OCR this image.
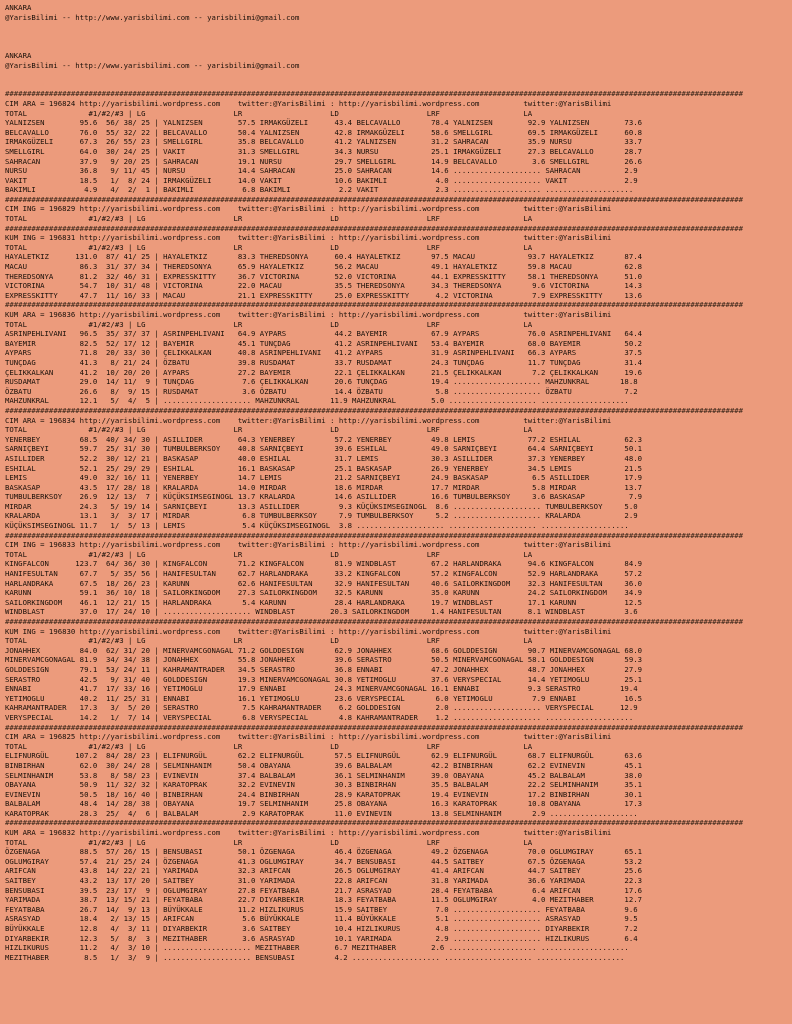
ANKARA
@YarisBilimi -- http://www.yarisbilimi.com -- yarisbilimi@gmail.com
ANKARA
@YarisBilimi -- http://www.yarisbilimi.com -- yarisbilimi@gmail.com
########################################################################################################################################################################
CIM ARA = 196824 http://yarisbilimi.wordpress.com    twitter:@YarisBilimi : http://yarisbilimi.wordpress.com          twitter:@YarisBilimi
TOTAL              #1/#2/#3 | LG                    LR                    LD                    LRF                   LA
YALNIZSEN        95.6  56/ 38/ 25 | YALNIZSEN        57.5 IRMAKGÜZELI      43.4 BELCAVALLO       78.4 YALNIZSEN        92.9 YALNIZSEN        73.6
BELCAVALLO       76.0  55/ 32/ 22 | BELCAVALLO       50.4 YALNIZSEN        42.8 IRMAKGÜZELI      58.6 SMELLGIRL        69.5 IRMAKGÜZELI      60.8
IRMAKGÜZELI      67.3  26/ 55/ 23 | SMELLGIRL        35.8 BELCAVALLO       41.2 YALNIZSEN        31.2 SAHRACAN         35.9 NURSU            33.7
SMELLGIRL        64.0  30/ 24/ 25 | VAKIT            31.3 SMELLGIRL        34.3 NURSU            25.1 IRMAKGÜZELI      27.3 BELCAVALLO       28.7
SAHRACAN         37.9   9/ 20/ 25 | SAHRACAN         19.1 NURSU            29.7 SMELLGIRL        14.9 BELCAVALLO        3.6 SMELLGIRL        26.6
NURSU            36.8   9/ 11/ 45 | NURSU            14.4 SAHRACAN         25.0 SAHRACAN         14.6 .................... SAHRACAN          2.9
VAKIT            18.5   1/  8/ 24 | IRMAKGÜZELI      14.0 VAKIT            10.6 BAKIMLI           4.0 .................... VAKIT             2.9
BAKIMLI           4.9   4/  2/  1 | BAKIMLI           6.8 BAKIMLI           2.2 VAKIT             2.3 .................... ....................
########################################################################################################################################################################
CIM ING = 196829 http://yarisbilimi.wordpress.com    twitter:@YarisBilimi : http://yarisbilimi.wordpress.com          twitter:@YarisBilimi
TOTAL              #1/#2/#3 | LG                    LR                    LD                    LRF                   LA
########################################################################################################################################################################
KUM ING = 196831 http://yarisbilimi.wordpress.com    twitter:@YarisBilimi : http://yarisbilimi.wordpress.com          twitter:@YarisBilimi
TOTAL              #1/#2/#3 | LG                    LR                    LD                    LRF                   LA
HAYALETKIZ      131.0  87/ 41/ 25 | HAYALETKIZ       83.3 THEREDSONYA      60.4 HAYALETKIZ       97.5 MACAU            93.7 HAYALETKIZ       87.4
MACAU            86.3  31/ 37/ 34 | THEREDSONYA      65.9 HAYALETKIZ       56.2 MACAU            49.1 HAYALETKIZ       59.8 MACAU            62.8
THEREDSONYA      81.2  32/ 46/ 31 | EXPRESSKITTY     36.7 VICTORINA        52.0 VICTORINA        44.1 EXPRESSKITTY     58.1 THEREDSONYA      51.0
VICTORINA        54.7  10/ 31/ 48 | VICTORINA        22.0 MACAU            35.5 THEREDSONYA      34.3 THEREDSONYA       9.6 VICTORINA        14.3
EXPRESSKITTY     47.7  11/ 16/ 33 | MACAU            21.1 EXPRESSKITTY     25.0 EXPRESSKITTY      4.2 VICTORINA         7.9 EXPRESSKITTY     13.6
########################################################################################################################################################################
KUM ARA = 196836 http://yarisbilimi.wordpress.com    twitter:@YarisBilimi : http://yarisbilimi.wordpress.com          twitter:@YarisBilimi
TOTAL              #1/#2/#3 | LG                    LR                    LD                    LRF                   LA
ASRINPEHLIVANI   96.5  35/ 37/ 37 | ASRINPEHLIVANI   64.9 AYPARS           44.2 BAYEMIR          67.9 AYPARS           76.0 ASRINPEHLIVANI   64.4
BAYEMIR          82.5  52/ 17/ 12 | BAYEMIR          45.1 TUNÇDAG          41.2 ASRINPEHLIVANI   53.4 BAYEMIR          68.0 BAYEMIR          50.2
AYPARS           71.8  20/ 33/ 30 | ÇELIKKALKAN      40.8 ASRINPEHLIVANI   41.2 AYPARS           31.9 ASRINPEHLIVANI   66.3 AYPARS           37.5
TUNÇDAG          41.3   8/ 21/ 24 | ÖZBATU           39.8 RUSDAMAT         33.7 RUSDAMAT         24.3 TUNÇDAG          11.7 TUNÇDAG          31.4
ÇELIKKALKAN      41.2  10/ 20/ 20 | AYPARS           27.2 BAYEMIR          22.1 ÇELIKKALKAN      21.5 ÇELIKKALKAN       7.2 ÇELIKKALKAN      19.6
RUSDAMAT         29.0  14/ 11/  9 | TUNÇDAG           7.6 ÇELIKKALKAN      20.6 TUNÇDAG          19.4 .................... MAHZUNKRAL       18.8
ÖZBATU           26.6   8/  9/ 15 | RUSDAMAT          3.6 ÖZBATU           14.4 ÖZBATU            5.8 .................... ÖZBATU            7.2
MAHZUNKRAL       12.1   5/  4/  5 | .................... MAHZUNKRAL       11.9 MAHZUNKRAL        5.0 .................... ....................
########################################################################################################################################################################
CIM ARA = 196834 http://yarisbilimi.wordpress.com    twitter:@YarisBilimi : http://yarisbilimi.wordpress.com          twitter:@YarisBilimi
TOTAL              #1/#2/#3 | LG                    LR                    LD                    LRF                   LA
YENERBEY         68.5  40/ 34/ 30 | ASILLIDER        64.3 YENERBEY         57.2 YENERBEY         49.8 LEMIS            77.2 ESHILAL          62.3
SARNIÇBEYI       59.7  25/ 31/ 30 | TUMBULBERKSOY    40.8 SARNIÇBEYI       39.6 ESHILAL          49.0 SARNIÇBEYI       64.4 SARNIÇBEYI       50.1
ASILLIDER        52.2  30/ 12/ 21 | BASKASAP         40.0 ESHILAL          31.7 LEMIS            30.3 ASILLIDER        37.3 YENERBEY         48.0
ESHILAL          52.1  25/ 29/ 29 | ESHILAL          16.1 BASKASAP         25.1 BASKASAP         26.9 YENERBEY         34.5 LEMIS            21.5
LEMIS            49.0  32/ 16/ 11 | YENERBEY         14.7 LEMIS            21.2 SARNIÇBEYI       24.9 BASKASAP          6.5 ASILLIDER        17.9
BASKASAP         43.5  17/ 28/ 18 | KRALARDA         14.0 MIRDAR           18.6 MIRDAR           17.7 MIRDAR            5.8 MIRDAR           13.7
TUMBULBERKSOY    26.9  12/ 13/  7 | KÜÇÜKSIMSEGINOGL 13.7 KRALARDA         14.6 ASILLIDER        16.6 TUMBULBERKSOY     3.6 BASKASAP          7.9
MIRDAR           24.3   5/ 19/ 14 | SARNIÇBEYI       13.3 ASILLIDER         9.3 KÜÇÜKSIMSEGINOGL  8.6 .................... TUMBULBERKSOY     5.0
KRALARDA         13.1   3/  3/ 17 | MIRDAR            6.8 TUMBULBERKSOY     7.9 TUMBULBERKSOY     5.2 .................... KRALARDA          2.9
KÜÇÜKSIMSEGINOGL 11.7   1/  5/ 13 | LEMIS             5.4 KÜÇÜKSIMSEGINOGL  3.8 .................... .................... ....................
########################################################################################################################################################################
CIM ING = 196833 http://yarisbilimi.wordpress.com    twitter:@YarisBilimi : http://yarisbilimi.wordpress.com          twitter:@YarisBilimi
TOTAL              #1/#2/#3 | LG                    LR                    LD                    LRF                   LA
KINGFALCON      123.7  64/ 36/ 30 | KINGFALCON       71.2 KINGFALCON       81.9 WINDBLAST        67.2 HARLANDRAKA      94.6 KINGFALCON       84.9
HANIFESULTAN     67.7   5/ 35/ 56 | HANIFESULTAN     62.7 HARLANDRAKA      33.2 KINGFALCON       57.2 KINGFALCON       52.9 HARLANDRAKA      57.2
HARLANDRAKA      67.5  18/ 26/ 23 | KARUNN           62.6 HANIFESULTAN     32.9 HANIFESULTAN     40.6 SAILORKINGDOM    32.3 HANIFESULTAN     36.0
KARUNN           59.1  36/ 10/ 18 | SAILORKINGDOM    27.3 SAILORKINGDOM    32.5 KARUNN           35.0 KARUNN           24.2 SAILORKINGDOM    34.9
SAILORKINGDOM    46.1  12/ 21/ 15 | HARLANDRAKA       5.4 KARUNN           28.4 HARLANDRAKA      19.7 WINDBLAST        17.1 KARUNN           12.5
WINDBLAST        37.0  17/ 24/ 10 | .................... WINDBLAST        20.3 SAILORKINGDOM     1.4 HANIFESULTAN      8.1 WINDBLAST         3.6
########################################################################################################################################################################
KUM ING = 196830 http://yarisbilimi.wordpress.com    twitter:@YarisBilimi : http://yarisbilimi.wordpress.com          twitter:@YarisBilimi
TOTAL              #1/#2/#3 | LG                    LR                    LD                    LRF                   LA
JONAHHEX         84.0  62/ 31/ 20 | MINERVAMCGONAGAL 71.2 GOLDDESIGN       62.9 JONAHHEX         68.6 GOLDDESIGN       90.7 MINERVAMCGONAGAL 68.0
MINERVAMCGONAGAL 81.9  34/ 34/ 38 | JONAHHEX         55.8 JONAHHEX         39.6 SERASTRO         50.5 MINERVAMCGONAGAL 58.1 GOLDDESIGN       59.3
GOLDDESIGN       79.1  53/ 24/ 11 | KAHRAMANTRADER   34.5 SERASTRO         36.8 ENNABI           47.2 JONAHHEX         48.7 JONAHHEX         27.9
SERASTRO         42.5   9/ 31/ 40 | GOLDDESIGN       19.3 MINERVAMCGONAGAL 30.8 YETIMOGLU        37.6 VERYSPECIAL      14.4 YETIMOGLU        25.1
ENNABI           41.7  17/ 33/ 16 | YETIMOGLU        17.9 ENNABI           24.3 MINERVAMCGONAGAL 16.1 ENNABI           9.3 SERASTRO         19.4
YETIMOGLU        40.2  11/ 25/ 31 | ENNABI           16.1 YETIMOGLU        23.6 VERYSPECIAL       6.0 YETIMOGLU         7.9 ENNABI           16.5
KAHRAMANTRADER   17.3   3/  5/ 20 | SERASTRO          7.5 KAHRAMANTRADER    6.2 GOLDDESIGN        2.0 .................... VERYSPECIAL      12.9
VERYSPECIAL      14.2   1/  7/ 14 | VERYSPECIAL       6.8 VERYSPECIAL       4.8 KAHRAMANTRADER    1.2 .................... ....................
########################################################################################################################################################################
CIM ARA = 196825 http://yarisbilimi.wordpress.com    twitter:@YarisBilimi : http://yarisbilimi.wordpress.com          twitter:@YarisBilimi
TOTAL              #1/#2/#3 | LG                    LR                    LD                    LRF                   LA
ELIFNURGÜL      107.2  84/ 28/ 23 | ELIFNURGÜL       62.2 ELIFNURGÜL       57.5 ELIFNURGÜL       62.9 ELIFNURGÜL       68.7 ELIFNURGÜL       63.6
BINBIRHAN        62.0  30/ 24/ 28 | SELMINHANIM      50.4 OBAYANA          39.6 BALBALAM         42.2 BINBIRHAN        62.2 EVINEVIN         45.1
SELMINHANIM      53.8   8/ 58/ 23 | EVINEVIN         37.4 BALBALAM         36.1 SELMINHANIM      39.0 OBAYANA          45.2 BALBALAM         38.0
OBAYANA          50.9  11/ 32/ 32 | KARATOPRAK       32.2 EVINEVIN         30.3 BINBIRHAN        35.5 BALBALAM         22.2 SELMINHANIM      35.1
EVINEVIN         50.5  18/ 16/ 40 | BINBIRHAN        24.4 BINBIRHAN        28.9 KARATOPRAK       19.4 EVINEVIN         17.2 BINBIRHAN        30.1
BALBALAM         48.4  14/ 28/ 38 | OBAYANA          19.7 SELMINHANIM      25.8 OBAYANA          16.3 KARATOPRAK       10.8 OBAYANA          17.3
KARATOPRAK       28.3  25/  4/  6 | BALBALAM          2.9 KARATOPRAK       11.0 EVINEVIN         13.8 SELMINHANIM       2.9 ....................
########################################################################################################################################################################
KUM ARA = 196832 http://yarisbilimi.wordpress.com    twitter:@YarisBilimi : http://yarisbilimi.wordpress.com          twitter:@YarisBilimi
TOTAL              #1/#2/#3 | LG                    LR                    LD                    LRF                   LA
ÖZGENAGA         88.5  57/ 26/ 15 | BENSUBASI        50.1 ÖZGENAGA         46.4 ÖZGENAGA         49.2 ÖZGENAGA         70.0 OGLUMGIRAY       65.1
OGLUMGIRAY       57.4  21/ 25/ 24 | ÖZGENAGA         41.3 OGLUMGIRAY       34.7 BENSUBASI        44.5 SAITBEY          67.5 ÖZGENAGA         53.2
ARIFCAN          43.8  14/ 22/ 21 | YARIMADA         32.3 ARIFCAN          26.5 OGLUMGIRAY       41.4 ARIFCAN          44.7 SAITBEY          25.6
SAITBEY          43.2  13/ 17/ 20 | SAITBEY          31.0 YARIMADA         22.8 ARIFCAN          31.8 YARIMADA         36.6 YARIMADA         22.3
BENSUBASI        39.5  23/ 17/  9 | OGLUMGIRAY       27.8 FEYATBABA        21.7 ASRASYAD         28.4 FEYATBABA         6.4 ARIFCAN          17.6
YARIMADA         38.7  13/ 15/ 21 | FEYATBABA        22.7 DIYARBEKIR       18.3 FEYATBABA        11.5 OGLUMGIRAY        4.0 MEZITHABER       12.7
FEYATBABA        26.7  14/  9/ 13 | BÜYÜKKALE        11.2 HIZLIKURUS       15.9 SAITBEY           7.0 .................... FEYATBABA         9.6
ASRASYAD         18.4   2/ 13/ 15 | ARIFCAN           5.6 BÜYÜKKALE        11.4 BÜYÜKKALE         5.1 .................... ASRASYAD          9.5
BÜYÜKKALE        12.8   4/  3/ 11 | DIYARBEKIR        3.6 SAITBEY          10.4 HIZLIKURUS        4.8 .................... DIYARBEKIR        7.2
DIYARBEKIR       12.3   5/  8/  3 | MEZITHABER        3.6 ASRASYAD         10.1 YARIMADA          2.9 .................... HIZLIKURUS        6.4
HIZLIKURUS       11.2   4/  3/ 10 | .................... MEZITHABER        6.7 MEZITHABER        2.6 .................... ....................
MEZITHABER        8.5   1/  3/  9 | .................... BENSUBASI         4.2 .................... .................... ....................
